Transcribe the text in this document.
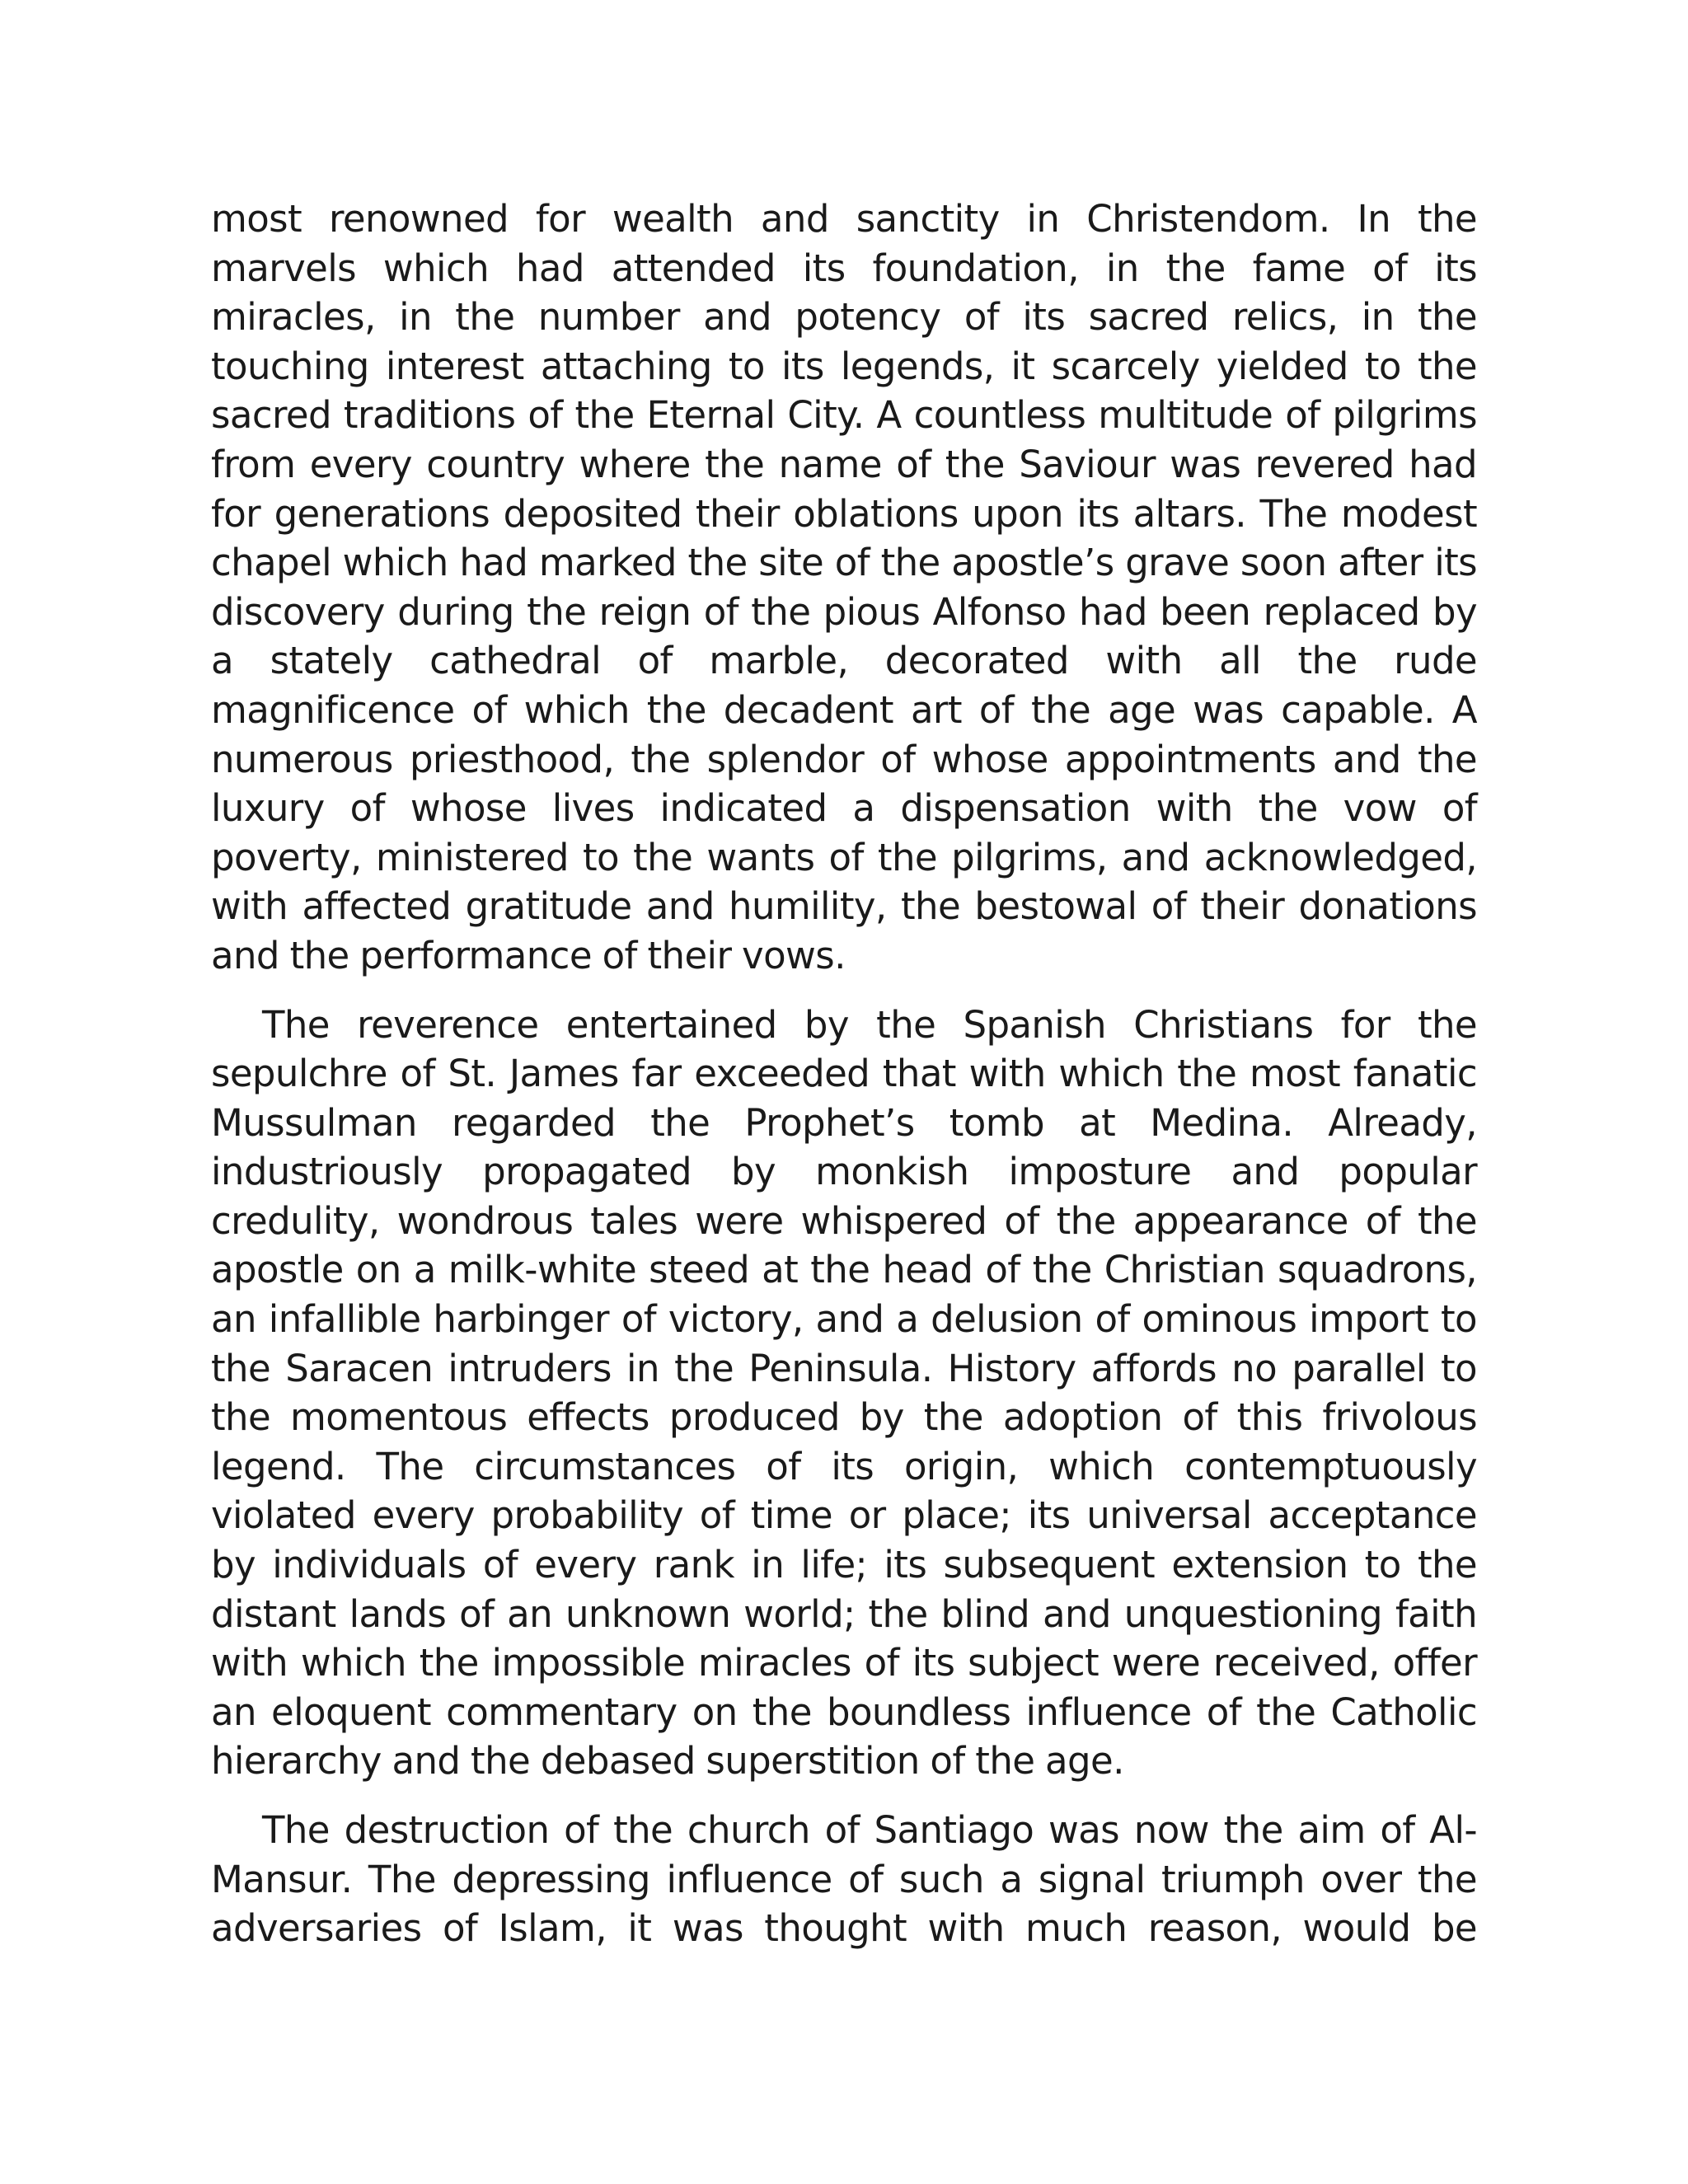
most renowned for wealth and sanctity in Christendom. In the marvels which had attended its foundation, in the fame of its miracles, in the number and potency of its sacred relics, in the touching interest attaching to its legends, it scarcely yielded to the sacred traditions of the Eternal City. A countless multitude of pilgrims from every country where the name of the Saviour was revered had for generations deposited their oblations upon its altars. The modest chapel which had marked the site of the apostle’s grave soon after its discovery during the reign of the pious Alfonso had been replaced by a stately cathedral of marble, decorated with all the rude magnificence of which the decadent art of the age was capable. A numerous priesthood, the splendor of whose appointments and the luxury of whose lives indicated a dispensation with the vow of poverty, ministered to the wants of the pilgrims, and acknowledged, with affected gratitude and humility, the bestowal of their donations and the performance of their vows.

The reverence entertained by the Spanish Christians for the sepulchre of St. James far exceeded that with which the most fanatic Mussulman regarded the Prophet’s tomb at Medina. Already, industriously propagated by monkish imposture and popular credulity, wondrous tales were whispered of the appearance of the apostle on a milk-white steed at the head of the Christian squadrons, an infallible harbinger of victory, and a delusion of ominous import to the Saracen intruders in the Peninsula. History affords no parallel to the momentous effects produced by the adoption of this frivolous legend. The circumstances of its origin, which contemptuously violated every probability of time or place; its universal acceptance by individuals of every rank in life; its subsequent extension to the distant lands of an unknown world; the blind and unquestioning faith with which the impossible miracles of its subject were received, offer an eloquent commentary on the boundless influence of the Catholic hierarchy and the debased superstition of the age.

The destruction of the church of Santiago was now the aim of Al-Mansur. The depressing influence of such a signal triumph over the adversaries of Islam, it was thought with much reason, would be
